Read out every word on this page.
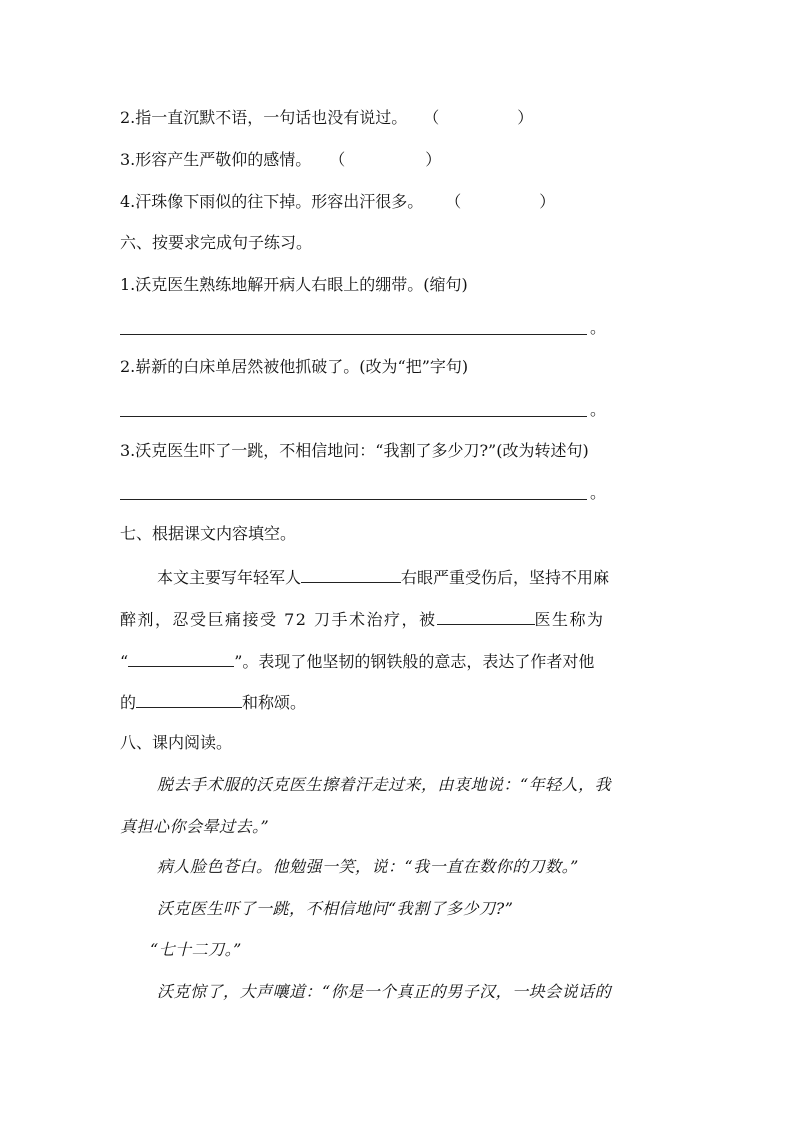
2.指一直沉默不语，一句话也没有说过。 （	）
3.形容产生严敬仰的感情。 （	）
4.汗珠像下雨似的往下掉。形容出汗很多。 （	）
六、按要求完成句子练习。
1.沃克医生熟练地解开病人右眼上的绷带。(缩句)
。
2.崭新的白床单居然被他抓破了。(改为“把”字句)
。
3.沃克医生吓了一跳，不相信地问：“我割了多少刀?”(改为转述句)
。
七、根据课文内容填空。
本文主要写年轻军人	右眼严重受伤后，坚持不用麻
醉剂，忍受巨痛接受 72 刀手术治疗，被	医生称为
“	”。表现了他坚韧的钢铁般的意志，表达了作者对他
的	和称颂。
八、课内阅读。
脱去手术服的沃克医生擦着汗走过来，由衷地说：“年轻人，我
真担心你会晕过去。”
病人脸色苍白。他勉强一笑，说：“我一直在数你的刀数。”
沃克医生吓了一跳，不相信地问“我割了多少刀?”
“七十二刀。”
沃克惊了，大声嚷道：“你是一个真正的男子汉，一块会说话的
